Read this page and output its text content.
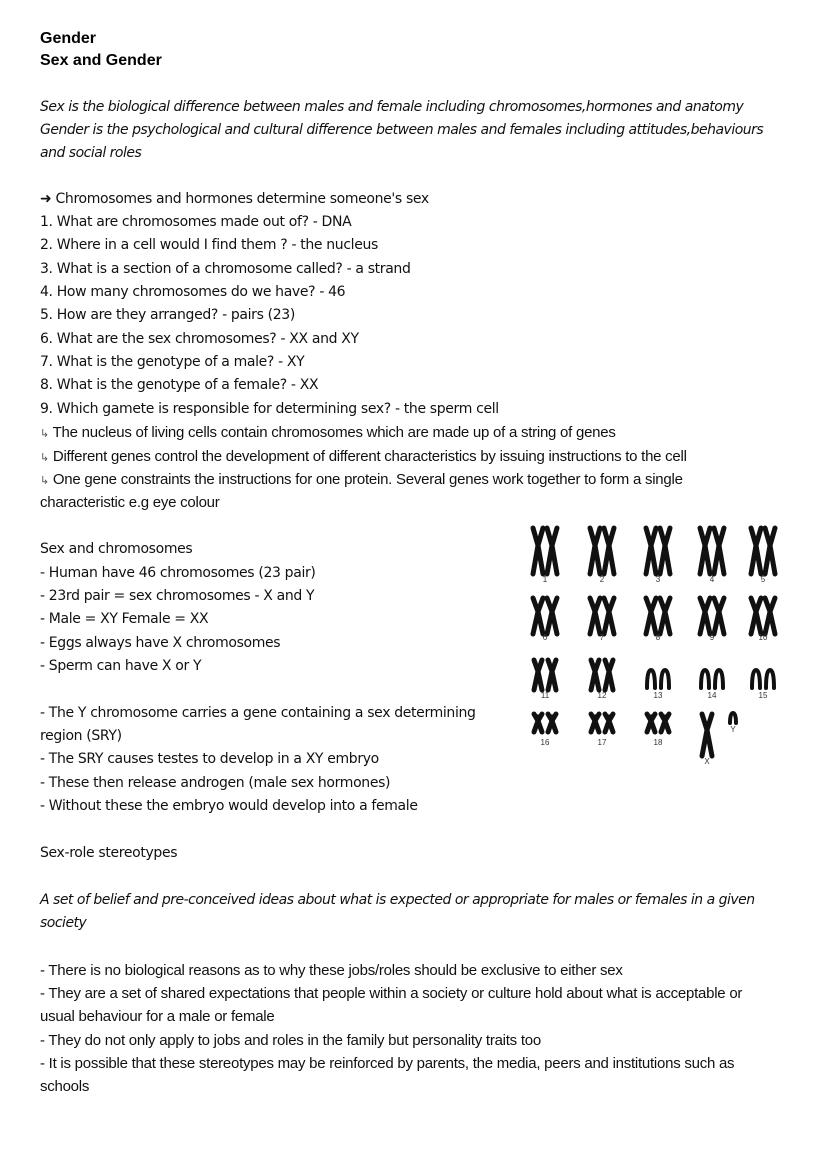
Gender
Sex and Gender
Sex is the biological difference between males and female including chromosomes,hormones and anatomy
Gender is the psychological and cultural difference between males and females including attitudes,behaviours
and social roles
➜ Chromosomes and hormones determine someone's sex
1. What are chromosomes made out of? - DNA
2. Where in a cell would I find them ? - the nucleus
3. What is a section of a chromosome called? - a strand
4. How many chromosomes do we have? - 46
5. How are they arranged? - pairs (23)
6. What are the sex chromosomes? - XX and XY
7. What is the genotype of a male? - XY
8. What is the genotype of a female? - XX
9. Which gamete is responsible for determining sex? - the sperm cell
↳ The nucleus of living cells contain chromosomes which are made up of a string of genes
↳ Different genes control the development of different characteristics by issuing instructions to the cell
↳ One gene constraints the instructions for one protein. Several genes work together to form a single
characteristic e.g eye colour
Sex and chromosomes
- Human have 46 chromosomes (23 pair)
- 23rd pair = sex chromosomes - X and Y
- Male = XY Female = XX
- Eggs always have X chromosomes
- Sperm can have X or Y
- The Y chromosome carries a gene containing a sex determining
region (SRY)
- The SRY causes testes to develop in a XY embryo
- These then release androgen (male sex hormones)
- Without these the embryo would develop into a female
1	2	3	4	5
6	7	8	9	10
11	12	13	14	15
16	17	18
X
Y
Sex-role stereotypes
A set of belief and pre-conceived ideas about what is expected or appropriate for males or females in a given
society
- There is no biological reasons as to why these jobs/roles should be exclusive to either sex
- They are a set of shared expectations that people within a society or culture hold about what is acceptable or
usual behaviour for a male or female
- They do not only apply to jobs and roles in the family but personality traits too
- It is possible that these stereotypes may be reinforced by parents, the media, peers and institutions such as
schools
